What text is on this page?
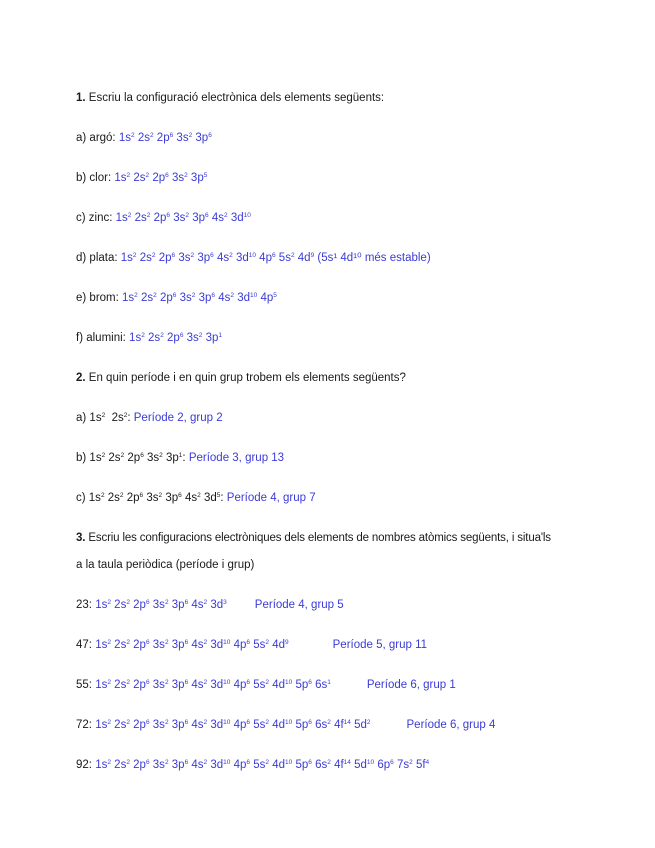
1. Escriu la configuració electrònica dels elements següents:
a) argó: $1s^2$ $2s^2$ $2p^6$ $3s^2$ $3p^6$
b) clor: $1s^2$ $2s^2$ $2p^6$ $3s^2$ $3p^5$
c) zinc: $1s^2$ $2s^2$ $2p^6$ $3s^2$ $3p^6$ $4s^2$ $3d^{10}$
d) plata: $1s^2$ $2s^2$ $2p^6$ $3s^2$ $3p^6$ $4s^2$ $3d^{10}$ $4p^6$ $5s^2$ $4d^9$ (5s¹ 4d¹⁰ més estable)
e) brom: $1s^2$ $2s^2$ $2p^6$ $3s^2$ $3p^6$ $4s^2$ $3d^{10}$ $4p^5$
f) alumini: $1s^2$ $2s^2$ $2p^6$ $3s^2$ $3p^1$
2. En quin període i en quin grup trobem els elements següents?
a) $1s^2$ $2s^2$: Període 2, grup 2
b) $1s^2$ $2s^2$ $2p^6$ $3s^2$ $3p^1$: Període 3, grup 13
c) $1s^2$ $2s^2$ $2p^6$ $3s^2$ $3p^6$ $4s^2$ $3d^5$: Període 4, grup 7
3. Escriu les configuracions electròniques dels elements de nombres atòmics següents, i situa'ls
a la taula periòdica (període i grup)
23: $1s^2$ $2s^2$ $2p^6$ $3s^2$ $3p^6$ $4s^2$ $3d^3$ Període 4, grup 5
47: $1s^2$ $2s^2$ $2p^6$ $3s^2$ $3p^6$ $4s^2$ $3d^{10}$ $4p^6$ $5s^2$ $4d^9$	Període 5, grup 11
55: $1s^2$ $2s^2$ $2p^6$ $3s^2$ $3p^6$ $4s^2$ $3d^{10}$ $4p^6$ $5s^2$ $4d^{10}$ $5p^6$ $6s^1$	Període 6, grup 1
72: $1s^2$ $2s^2$ $2p^6$ $3s^2$ $3p^6$ $4s^2$ $3d^{10}$ $4p^6$ $5s^2$ $4d^{10}$ $5p^6$ $6s^2$ $4f^{14}$ $5d^2$	Període 6, grup 4
92: $1s^2$ $2s^2$ $2p^6$ $3s^2$ $3p^6$ $4s^2$ $3d^{10}$ $4p^6$ $5s^2$ $4d^{10}$ $5p^6$ $6s^2$ $4f^{14}$ $5d^{10}$ $6p^6$ $7s^2$ $5f^4$
